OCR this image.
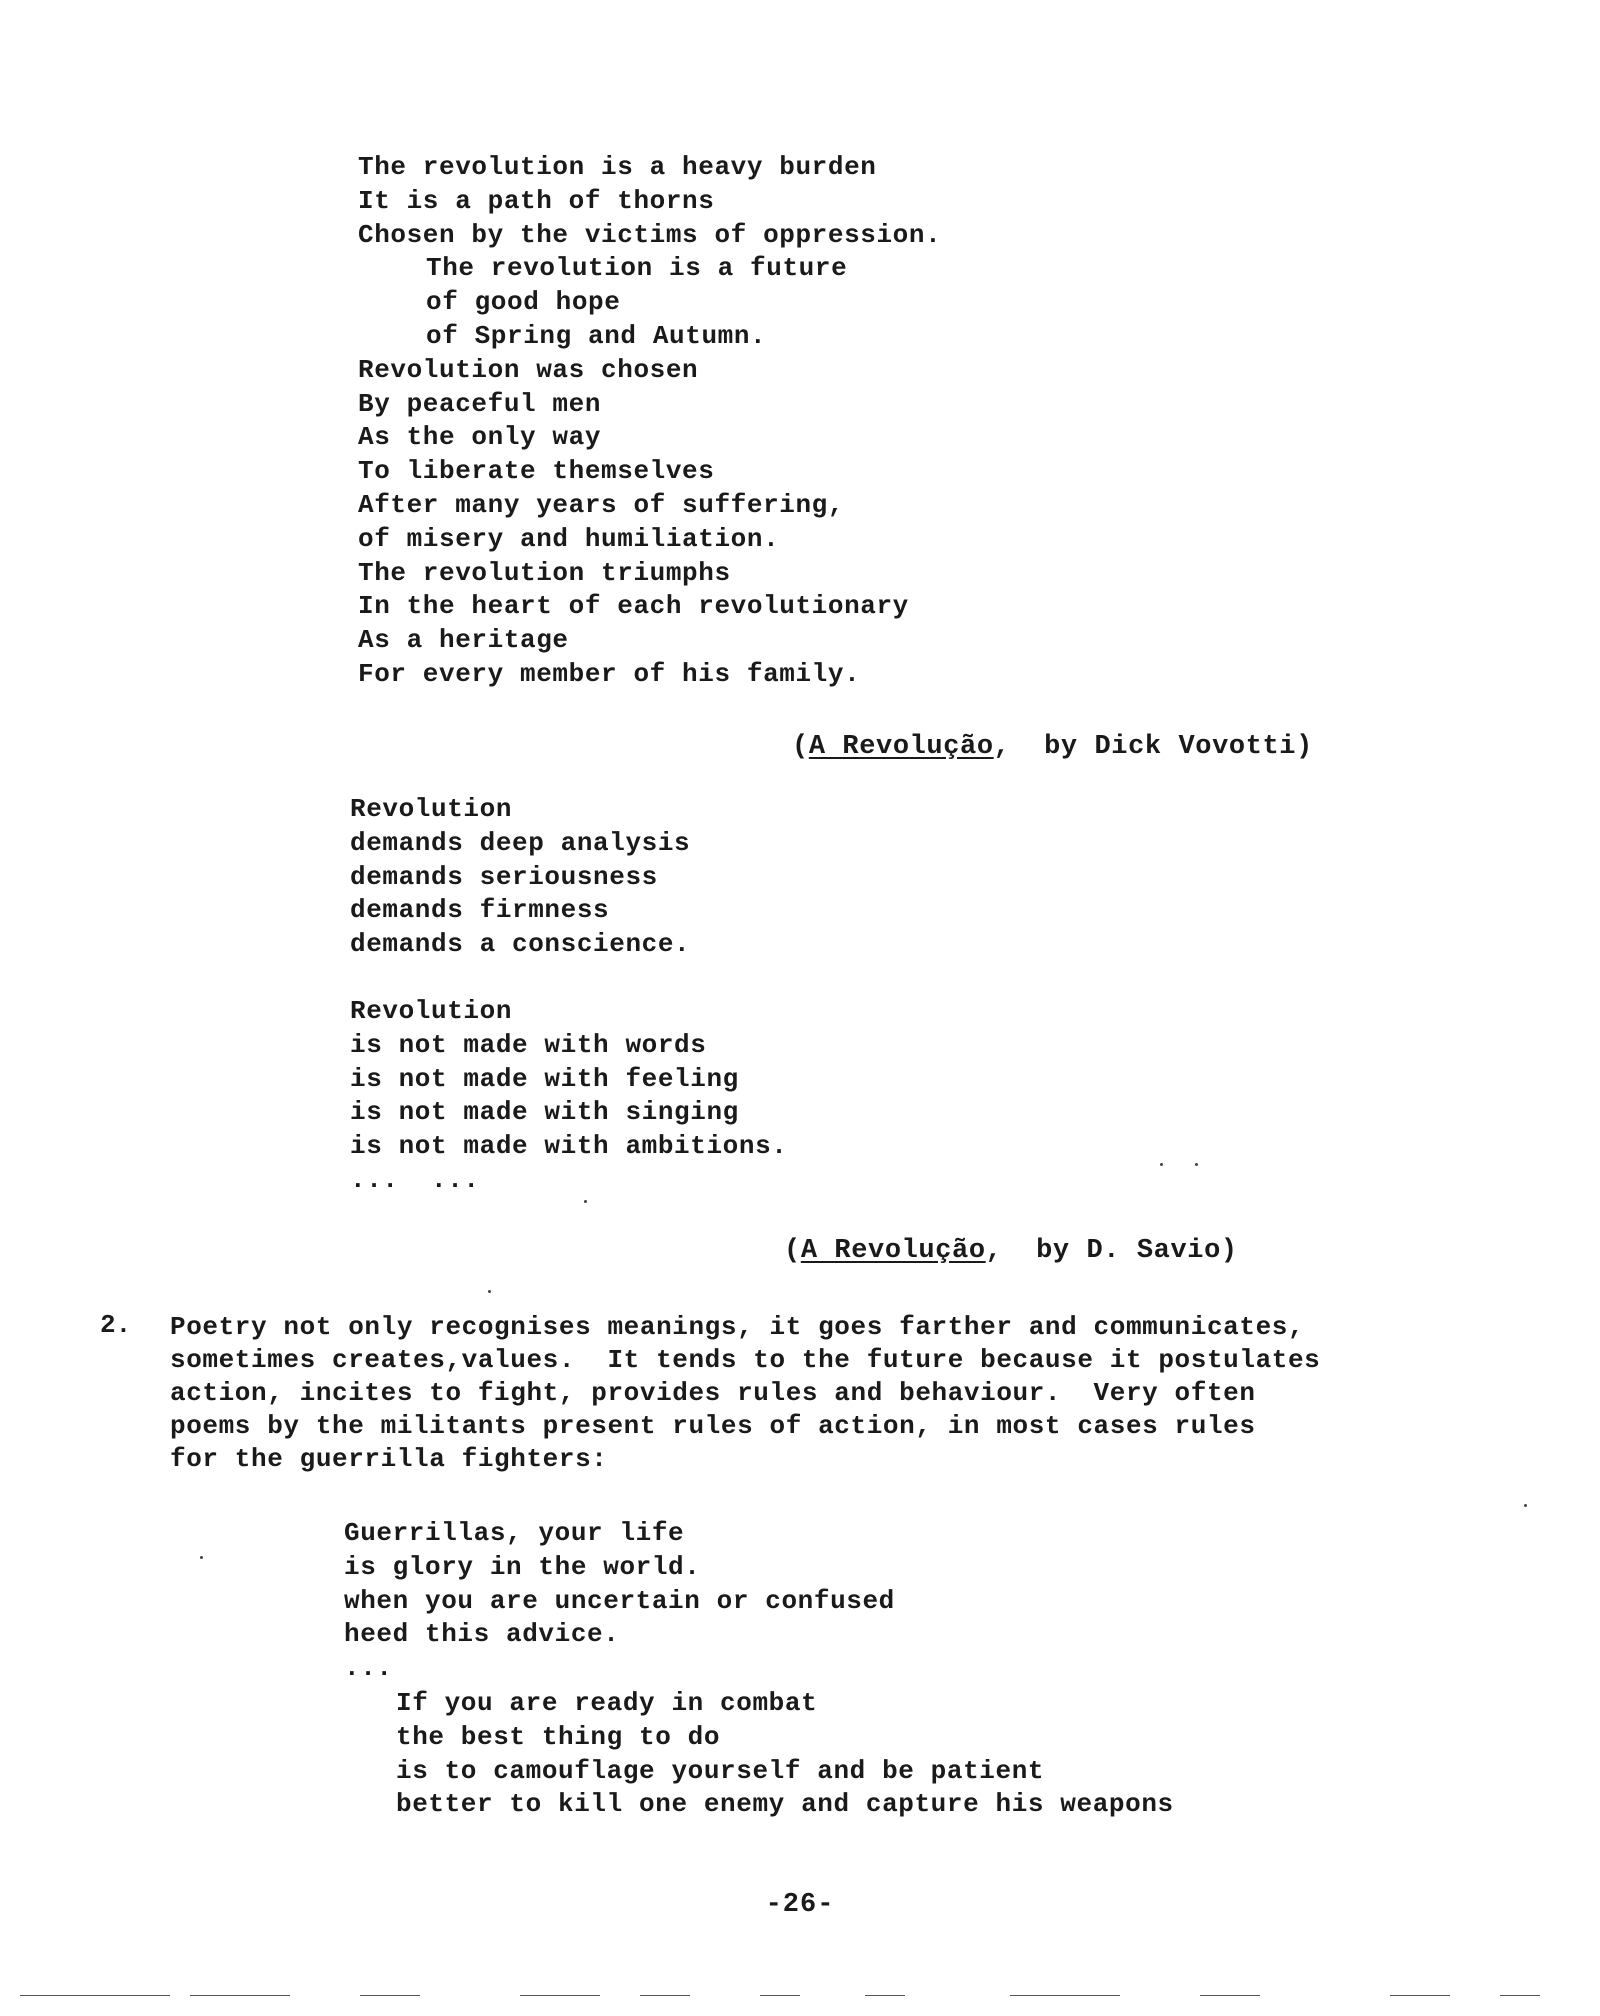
The revolution is a heavy burden
It is a path of thorns
Chosen by the victims of oppression.
The revolution is a future
of good hope
of Spring and Autumn.
Revolution was chosen
By peaceful men
As the only way
To liberate themselves
After many years of suffering,
of misery and humiliation.
The revolution triumphs
In the heart of each revolutionary
As a heritage
For every member of his family.
(A Revolução,  by Dick Vovotti)
Revolution
demands deep analysis
demands seriousness
demands firmness
demands a conscience.
Revolution
is not made with words
is not made with feeling
is not made with singing
is not made with ambitions.
...  ...
(A Revolução,  by D. Savio)
2. Poetry not only recognises meanings, it goes farther and communicates,
sometimes creates,values.  It tends to the future because it postulates
action, incites to fight, provides rules and behaviour.  Very often
poems by the militants present rules of action, in most cases rules
for the guerrilla fighters:
Guerrillas, your life
is glory in the world.
when you are uncertain or confused
heed this advice.
...
If you are ready in combat
the best thing to do
is to camouflage yourself and be patient
better to kill one enemy and capture his weapons
-26-
